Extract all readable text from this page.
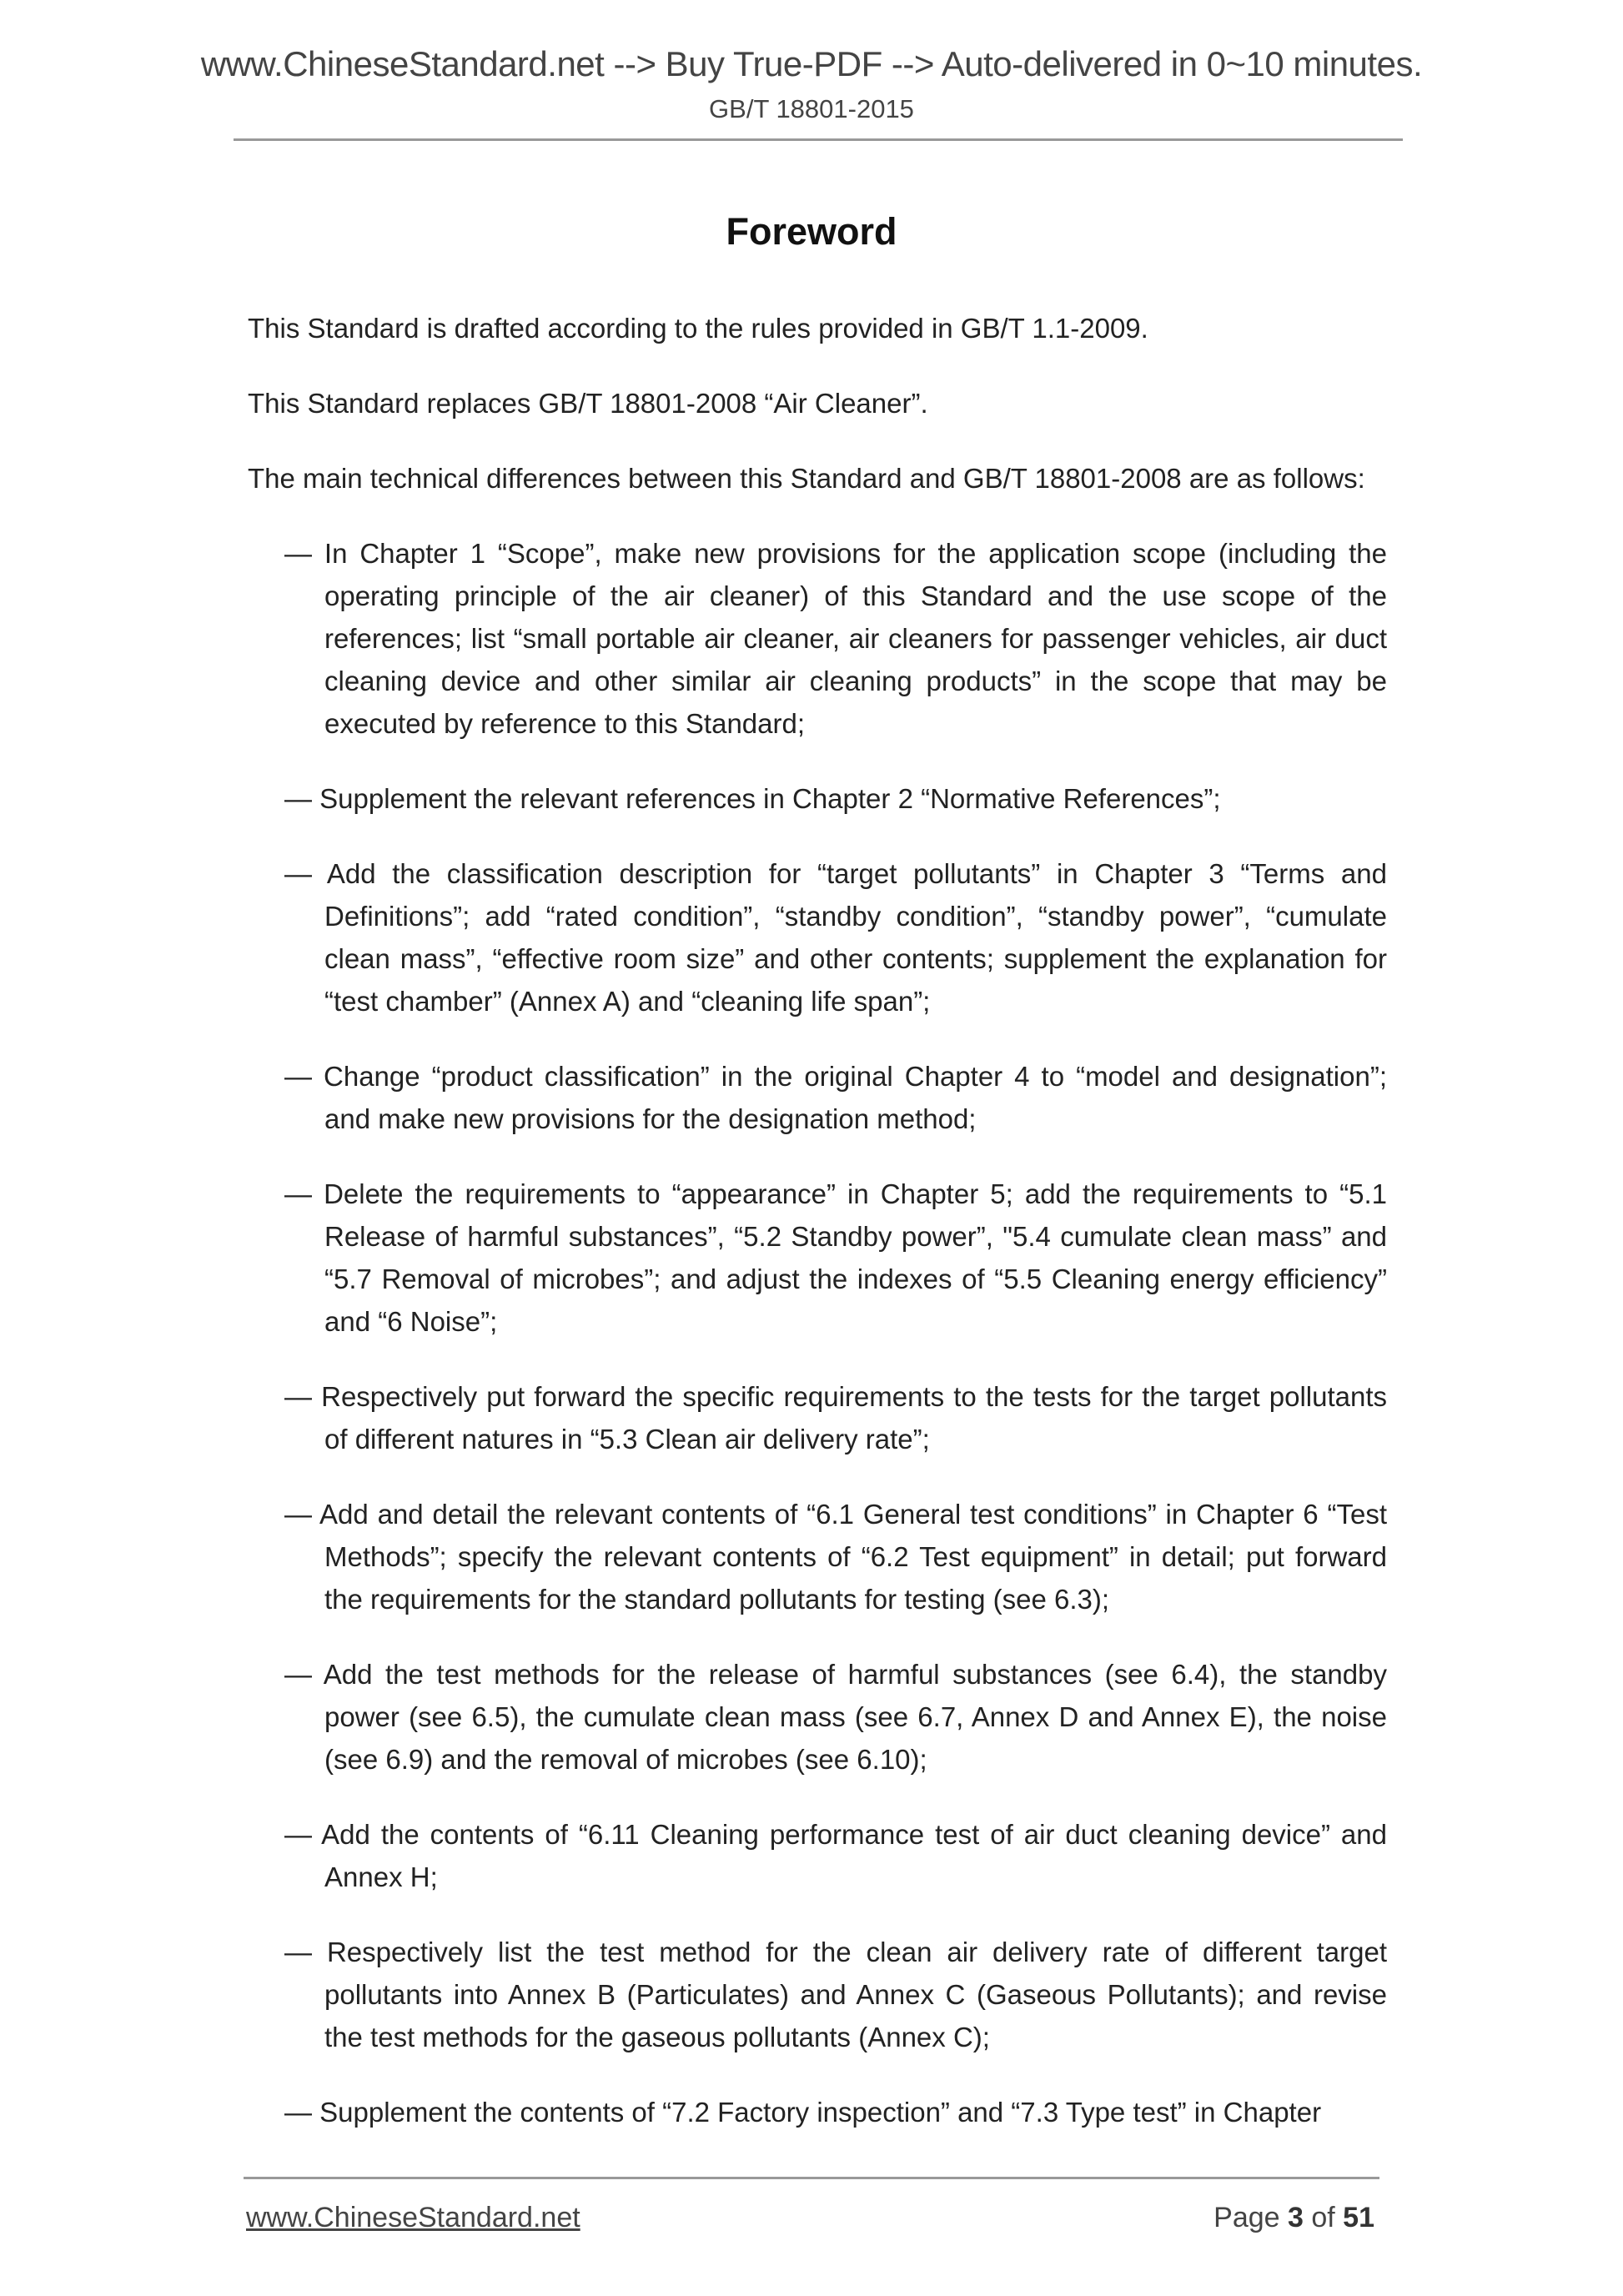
www.ChineseStandard.net --> Buy True-PDF --> Auto-delivered in 0~10 minutes.
GB/T 18801-2015
Foreword

This Standard is drafted according to the rules provided in GB/T 1.1-2009.

This Standard replaces GB/T 18801-2008 “Air Cleaner”.

The main technical differences between this Standard and GB/T 18801-2008 are as follows:

— In Chapter 1 “Scope”, make new provisions for the application scope (including the operating principle of the air cleaner) of this Standard and the use scope of the references; list “small portable air cleaner, air cleaners for passenger vehicles, air duct cleaning device and other similar air cleaning products” in the scope that may be executed by reference to this Standard;

— Supplement the relevant references in Chapter 2 “Normative References”;

— Add the classification description for “target pollutants” in Chapter 3 “Terms and Definitions”; add “rated condition”, “standby condition”, “standby power”, “cumulate clean mass”, “effective room size” and other contents; supplement the explanation for “test chamber” (Annex A) and “cleaning life span”;

— Change “product classification” in the original Chapter 4 to “model and designation”; and make new provisions for the designation method;

— Delete the requirements to “appearance” in Chapter 5; add the requirements to “5.1 Release of harmful substances”, “5.2 Standby power”, "5.4 cumulate clean mass” and “5.7 Removal of microbes”; and adjust the indexes of “5.5 Cleaning energy efficiency” and “6 Noise”;

— Respectively put forward the specific requirements to the tests for the target pollutants of different natures in “5.3 Clean air delivery rate”;

— Add and detail the relevant contents of “6.1 General test conditions” in Chapter 6 “Test Methods”; specify the relevant contents of “6.2 Test equipment” in detail; put forward the requirements for the standard pollutants for testing (see 6.3);

— Add the test methods for the release of harmful substances (see 6.4), the standby power (see 6.5), the cumulate clean mass (see 6.7, Annex D and Annex E), the noise (see 6.9) and the removal of microbes (see 6.10);

— Add the contents of “6.11 Cleaning performance test of air duct cleaning device” and Annex H;

— Respectively list the test method for the clean air delivery rate of different target pollutants into Annex B (Particulates) and Annex C (Gaseous Pollutants); and revise the test methods for the gaseous pollutants (Annex C);

— Supplement the contents of “7.2 Factory inspection” and “7.3 Type test” in Chapter

www.ChineseStandard.net	Page 3 of 51
